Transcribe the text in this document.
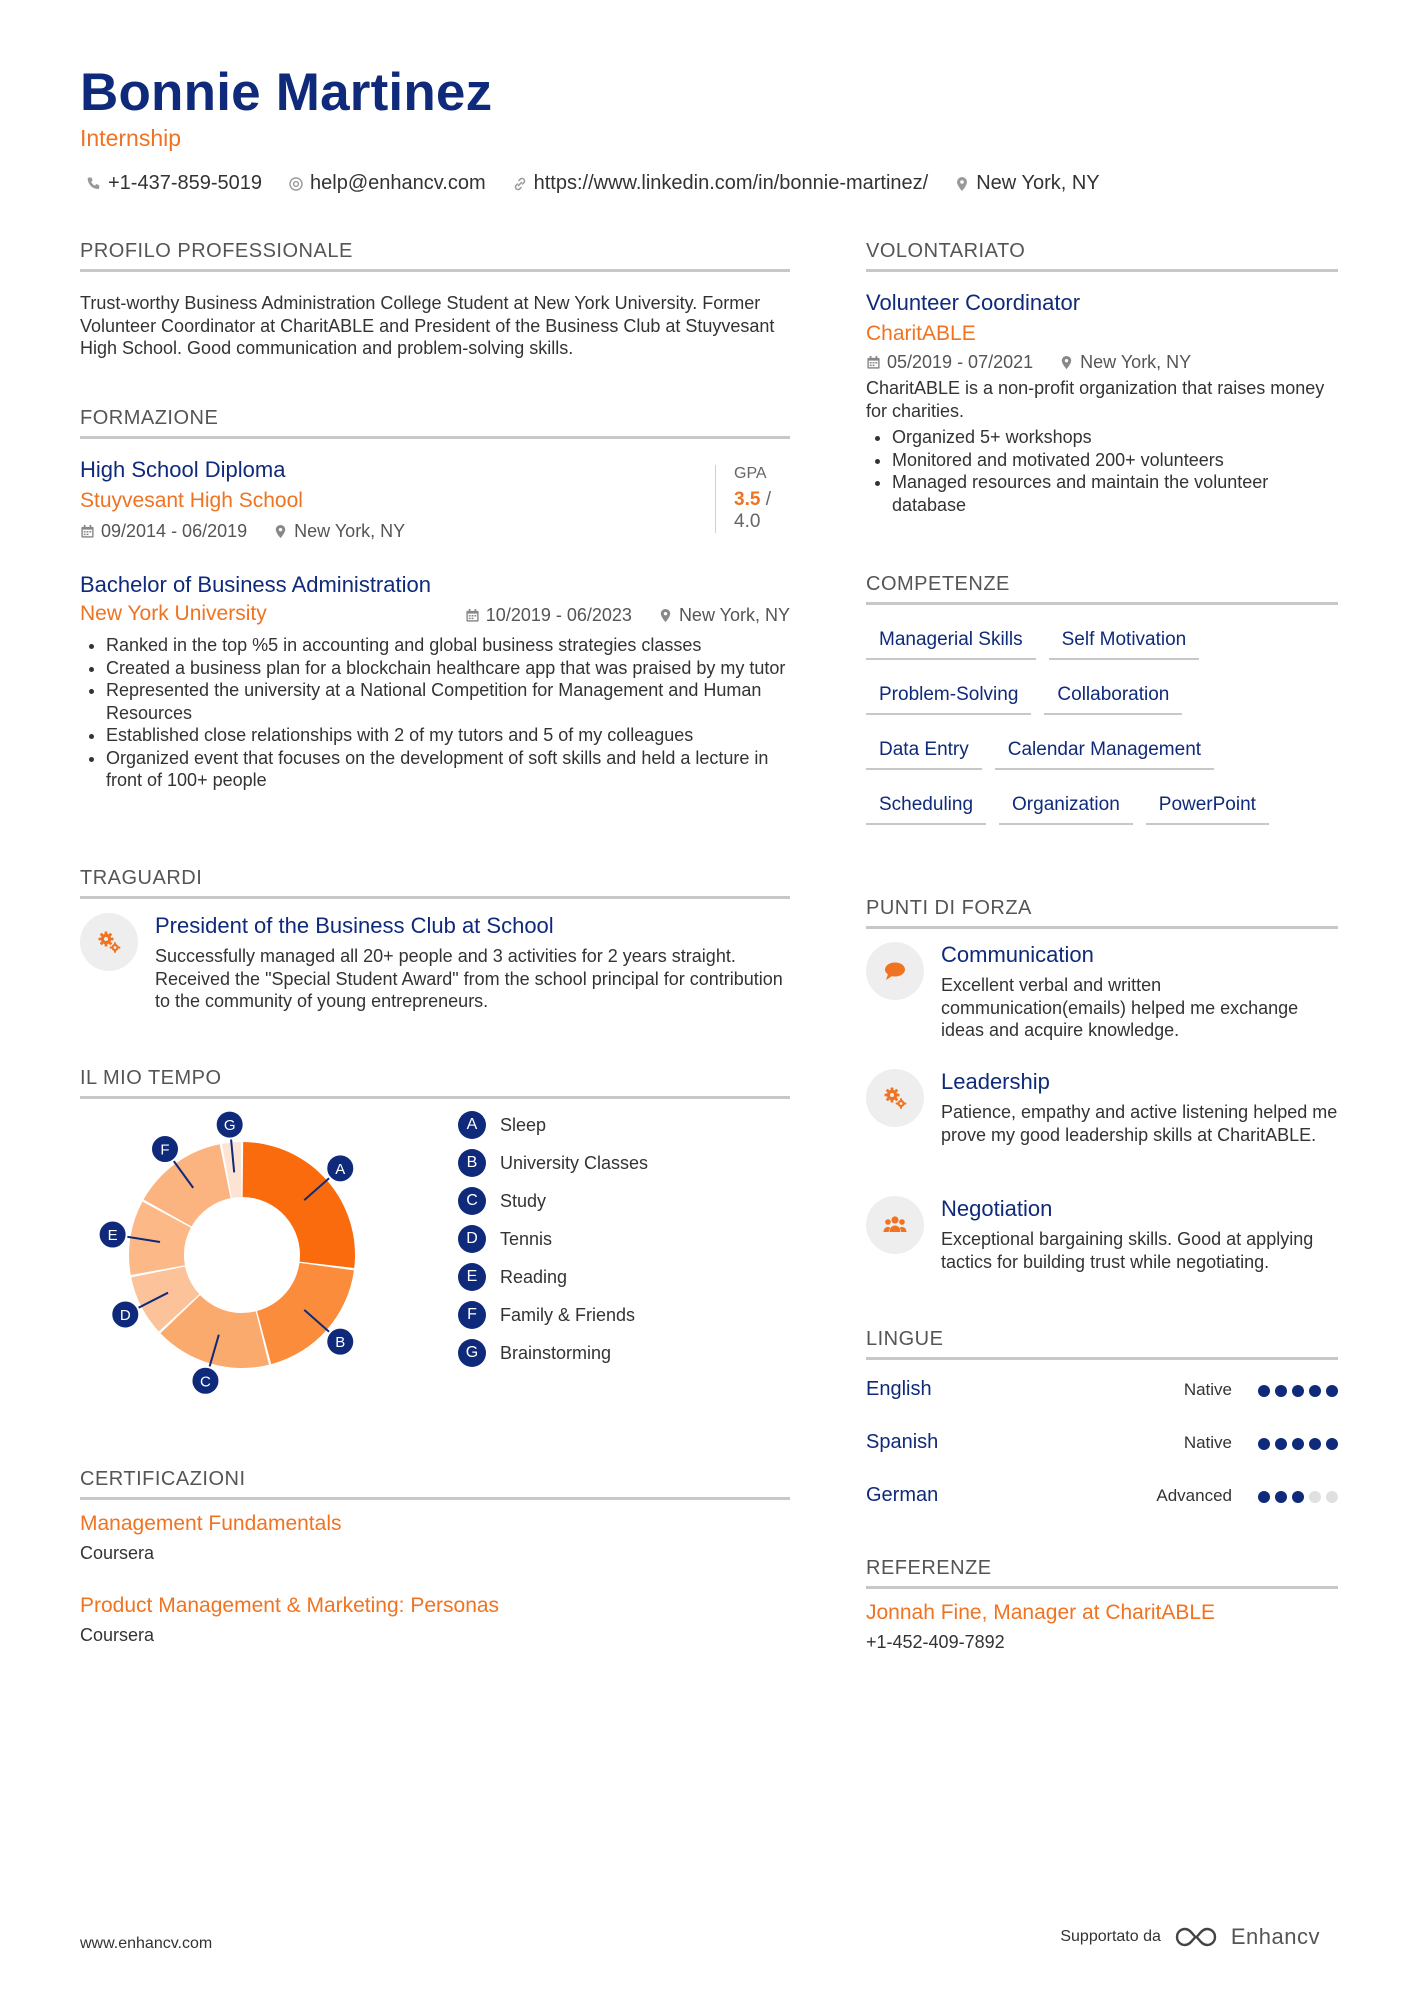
Bonnie Martinez
Internship
+1-437-859-5019 help@enhancv.com https://www.linkedin.com/in/bonnie-martinez/ New York, NY
PROFILO PROFESSIONALE
Trust-worthy Business Administration College Student at New York University. Former Volunteer Coordinator at CharitABLE and President of the Business Club at Stuyvesant High School. Good communication and problem-solving skills.
FORMAZIONE
High School Diploma
Stuyvesant High School
09/2014 - 06/2019	New York, NY
GPA
3.5 / 4.0
Bachelor of Business Administration
New York University	10/2019 - 06/2023	New York, NY
• Ranked in the top %5 in accounting and global business strategies classes
• Created a business plan for a blockchain healthcare app that was praised by my tutor
• Represented the university at a National Competition for Management and Human Resources
• Established close relationships with 2 of my tutors and 5 of my colleagues
• Organized event that focuses on the development of soft skills and held a lecture in front of 100+ people
TRAGUARDI
President of the Business Club at School
Successfully managed all 20+ people and 3 activities for 2 years straight. Received the "Special Student Award" from the school principal for contribution to the community of young entrepreneurs.
IL MIO TEMPO
A
B
C
D
E
F
G	A	Sleep
B	University Classes
C	Study
D	Tennis
E	Reading
F	Family & Friends
G	Brainstorming
CERTIFICAZIONI
Management Fundamentals
Coursera
Product Management & Marketing: Personas
Coursera
VOLONTARIATO
Volunteer Coordinator
CharitABLE
05/2019 - 07/2021	New York, NY
CharitABLE is a non-profit organization that raises money for charities.
• Organized 5+ workshops
• Monitored and motivated 200+ volunteers
• Managed resources and maintain the volunteer database
COMPETENZE
Managerial Skills	Self Motivation
Problem-Solving	Collaboration
Data Entry	Calendar Management
Scheduling	Organization	PowerPoint
PUNTI DI FORZA
Communication
Excellent verbal and written communication(emails) helped me exchange ideas and acquire knowledge.
Leadership
Patience, empathy and active listening helped me prove my good leadership skills at CharitABLE.
Negotiation
Exceptional bargaining skills. Good at applying tactics for building trust while negotiating.
LINGUE
English	Native
Spanish	Native
German	Advanced
REFERENZE
Jonnah Fine, Manager at CharitABLE
+1-452-409-7892
www.enhancv.com	Supportato da	Enhancv
